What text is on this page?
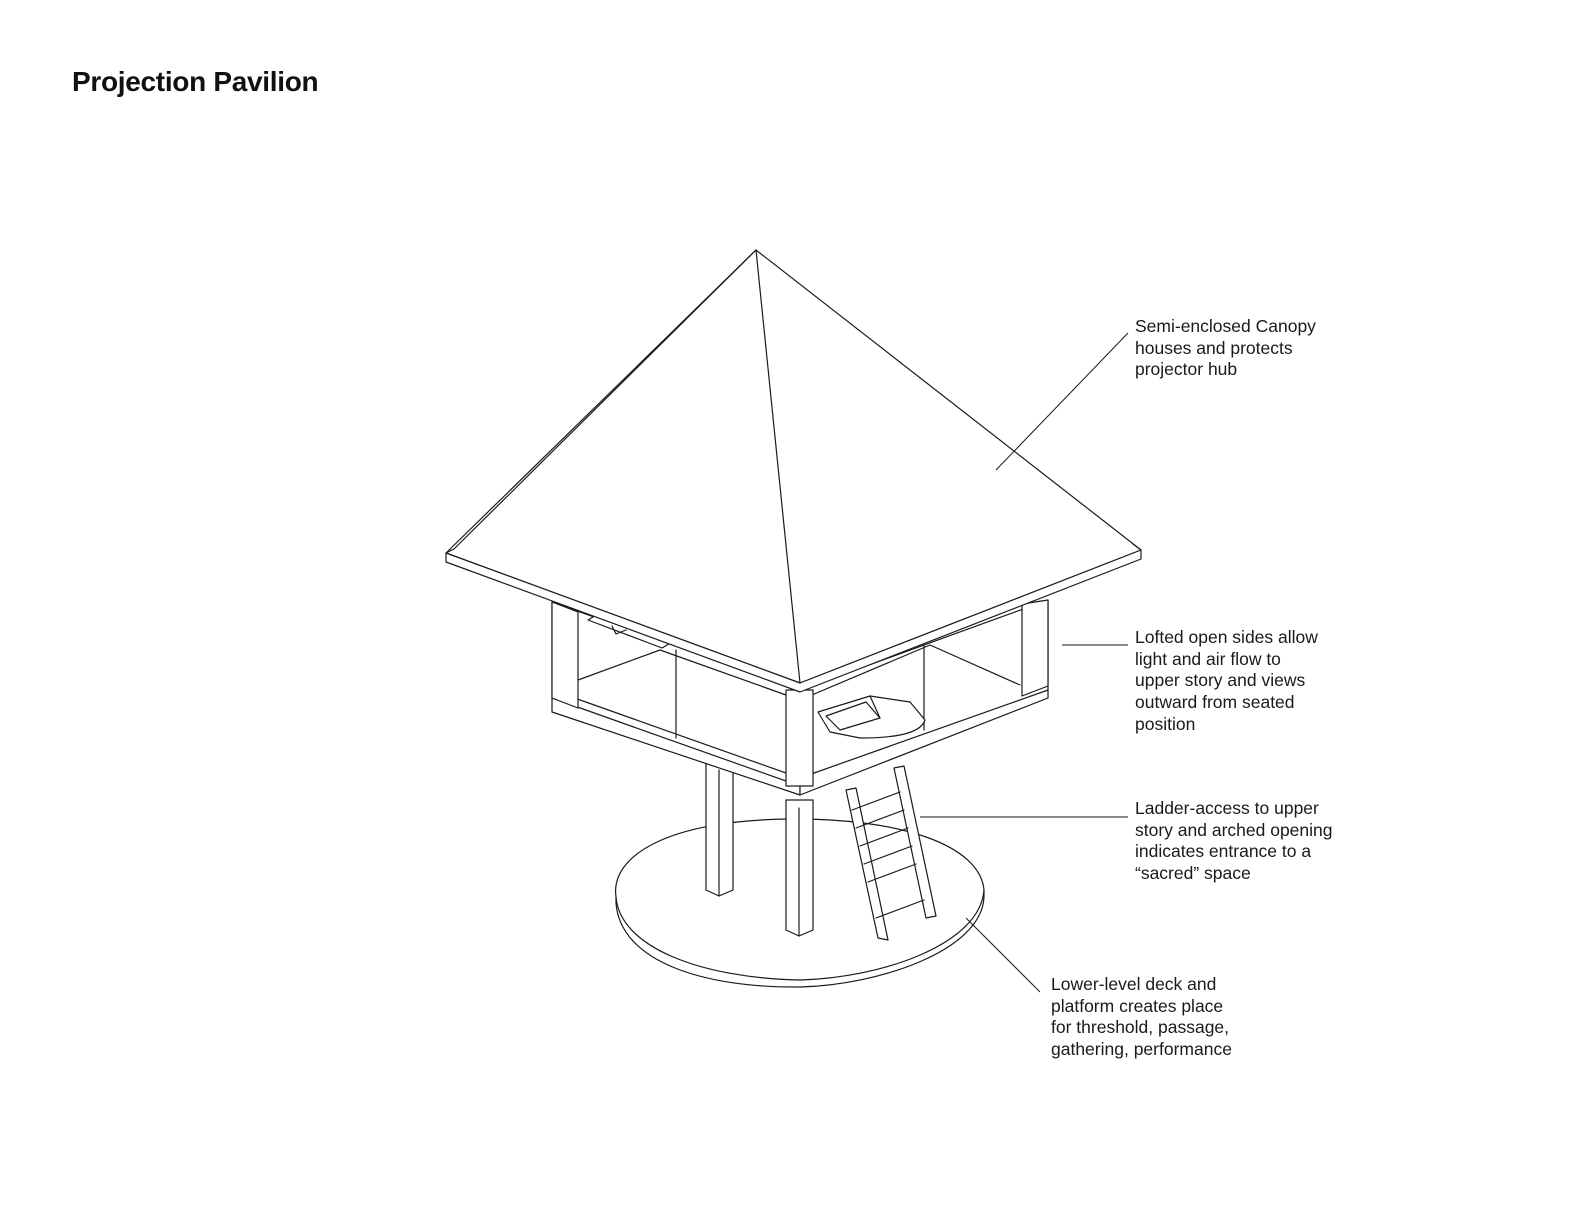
Projection Pavilion
Semi-enclosed Canopy
houses and protects
projector hub
Lofted open sides allow
light and air flow to
upper story and views
outward from seated
position
Ladder-access to upper
story and arched opening
indicates entrance to a
“sacred” space
Lower-level deck and
platform creates place
for threshold, passage,
gathering, performance
